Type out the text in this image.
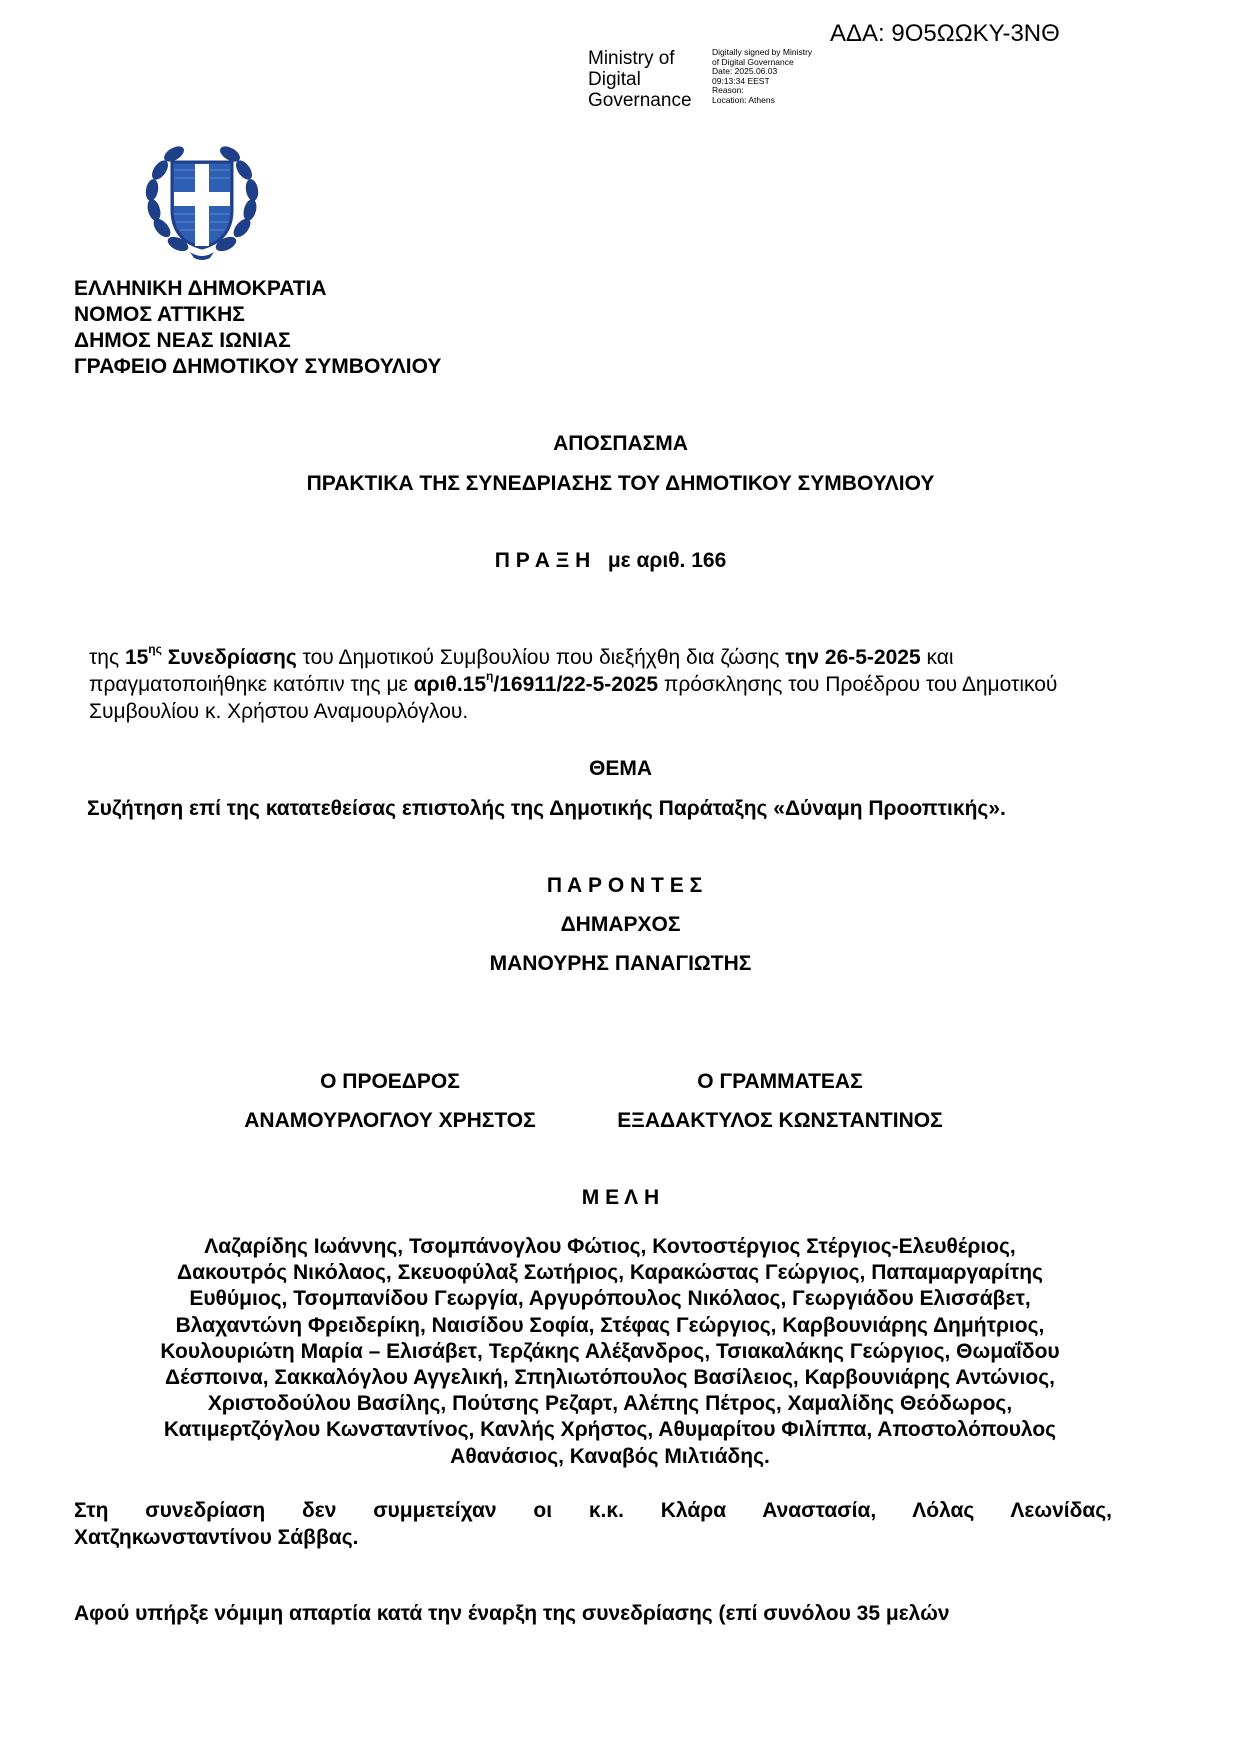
ΑΔΑ: 9Ο5ΩΩΚΥ-3ΝΘ
Ministry of
Digital
Governance
Digitally signed by Ministry
of Digital Governance
Date: 2025.06.03
09:13:34 EEST
Reason:
Location: Athens
ΕΛΛΗΝΙΚΗ ΔΗΜΟΚΡΑΤΙΑ
ΝΟΜΟΣ ΑΤΤΙΚΗΣ
ΔΗΜΟΣ ΝΕΑΣ ΙΩΝΙΑΣ
ΓΡΑΦΕΙΟ ΔΗΜΟΤΙΚΟΥ ΣΥΜΒΟΥΛΙΟΥ
ΑΠΟΣΠΑΣΜΑ
ΠΡΑΚΤΙΚΑ ΤΗΣ ΣΥΝΕΔΡΙΑΣΗΣ ΤΟΥ ΔΗΜΟΤΙΚΟΥ ΣΥΜΒΟΥΛΙΟΥ
Π Ρ Α Ξ Η με αριθ. 166
της $15^{\eta\varsigma}$ Συνεδρίασης του Δημοτικού Συμβουλίου που διεξήχθη δια ζώσης την 26-5-2025 και πραγματοποιήθηκε κατόπιν της με $\alpha\rho\iota\theta.15^\eta/16911/22-5-2025$ πρόσκλησης του Προέδρου του Δημοτικού Συμβουλίου κ. Χρήστου Αναμουρλόγλου.
ΘΕΜΑ
Συζήτηση επί της κατατεθείσας επιστολής της Δημοτικής Παράταξης «Δύναμη Προοπτικής».
Π Α Ρ Ο Ν Τ Ε Σ
ΔΗΜΑΡΧΟΣ
ΜΑΝΟΥΡΗΣ ΠΑΝΑΓΙΩΤΗΣ
Ο ΠΡΟΕΔΡΟΣ
ΑΝΑΜΟΥΡΛΟΓΛΟΥ ΧΡΗΣΤΟΣ
Ο ΓΡΑΜΜΑΤΕΑΣ
ΕΞΑΔΑΚΤΥΛΟΣ ΚΩΝΣΤΑΝΤΙΝΟΣ
Μ Ε Λ Η
Λαζαρίδης Ιωάννης, Τσομπάνογλου Φώτιος, Κοντοστέργιος Στέργιος-Ελευθέριος,
Δακουτρός Νικόλαος, Σκευοφύλαξ Σωτήριος, Καρακώστας Γεώργιος, Παπαμαργαρίτης
Ευθύμιος, Τσομπανίδου Γεωργία, Αργυρόπουλος Νικόλαος, Γεωργιάδου Ελισσάβετ,
Βλαχαντώνη Φρειδερίκη, Ναισίδου Σοφία, Στέφας Γεώργιος, Καρβουνιάρης Δημήτριος,
Κουλουριώτη Μαρία – Ελισάβετ, Τερζάκης Αλέξανδρος, Τσιακαλάκης Γεώργιος, Θωμαΐδου
Δέσποινα, Σακκαλόγλου Αγγελική, Σπηλιωτόπουλος Βασίλειος, Καρβουνιάρης Αντώνιος,
Χριστοδούλου Βασίλης, Πούτσης Ρεζαρτ, Αλέπης Πέτρος, Χαμαλίδης Θεόδωρος,
Κατιμερτζόγλου Κωνσταντίνος, Κανλής Χρήστος, Αθυμαρίτου Φιλίππα, Αποστολόπουλος
Αθανάσιος, Καναβός Μιλτιάδης.
Στη συνεδρίαση δεν συμμετείχαν οι κ.κ. Κλάρα Αναστασία, Λόλας Λεωνίδας,
Χατζηκωνσταντίνου Σάββας.
Αφού υπήρξε νόμιμη απαρτία κατά την έναρξη της συνεδρίασης (επί συνόλου 35 μελών
